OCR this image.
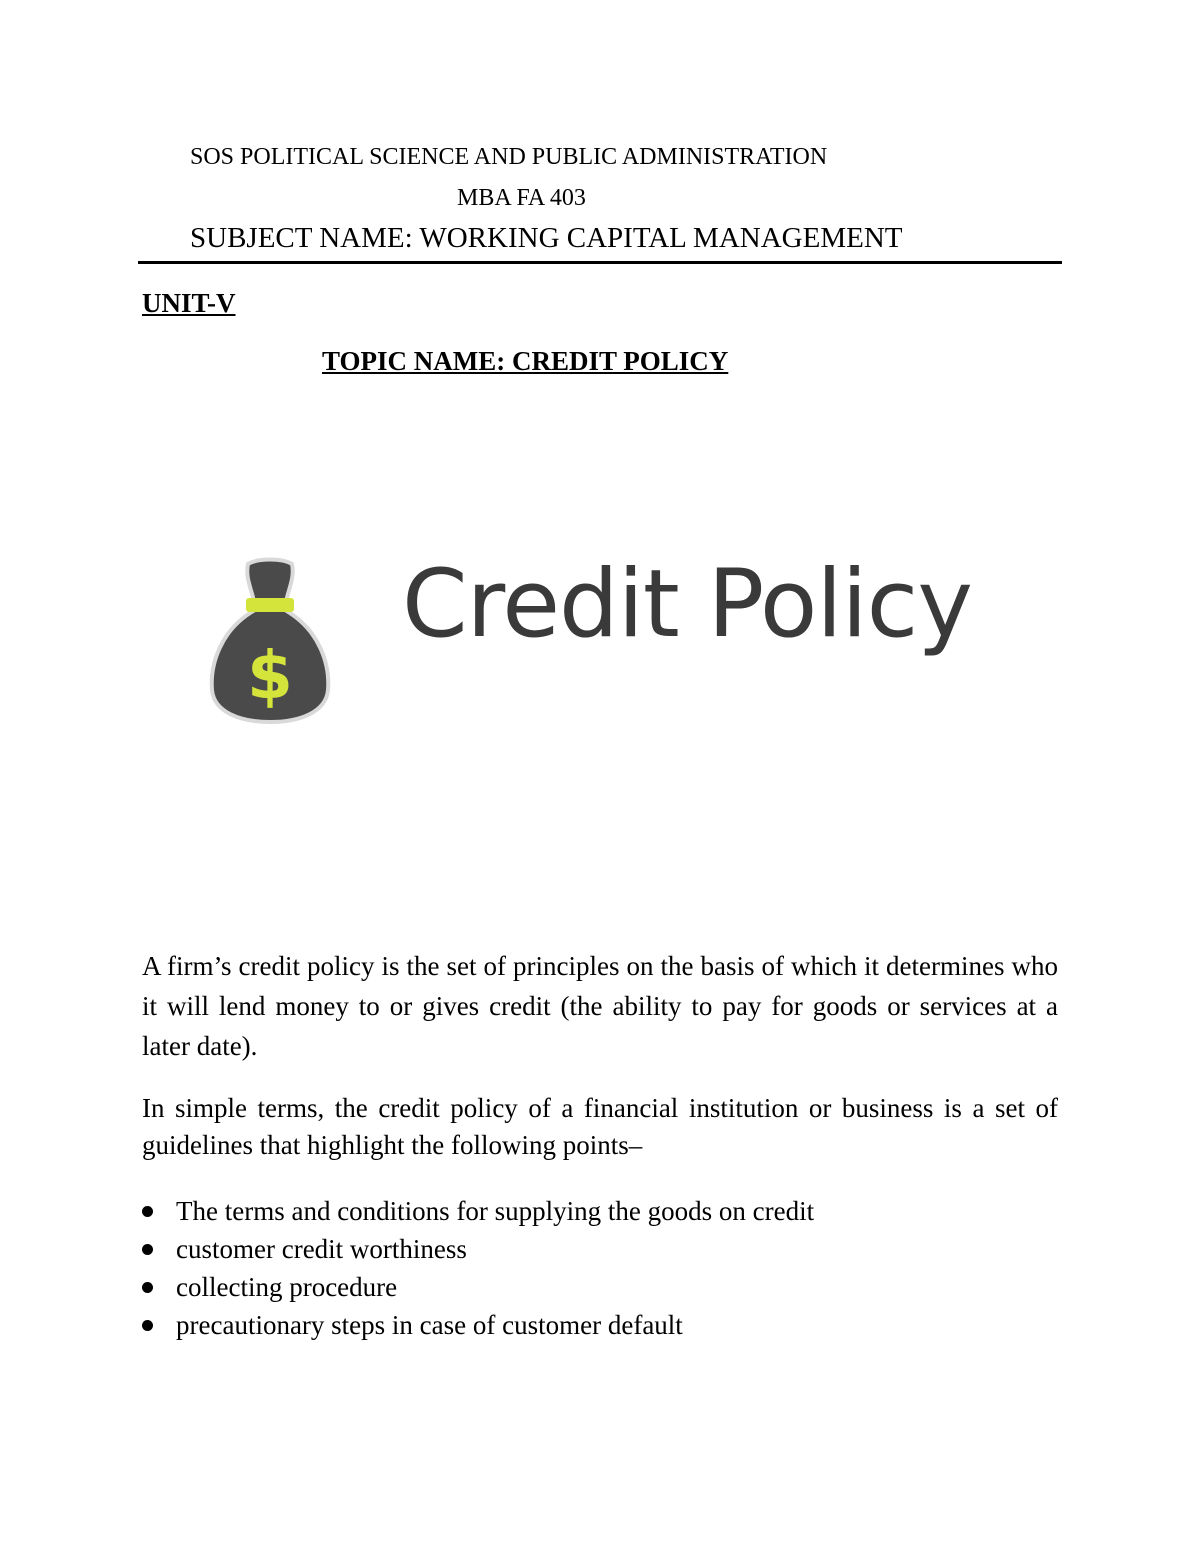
SOS POLITICAL SCIENCE AND PUBLIC ADMINISTRATION
MBA FA 403
SUBJECT NAME: WORKING CAPITAL MANAGEMENT
UNIT-V
TOPIC NAME: CREDIT POLICY
$
Credit Policy

A firm’s credit policy is the set of principles on the basis of which it determines who it will lend money to or gives credit (the ability to pay for goods or services at a later date).

In simple terms, the credit policy of a financial institution or business is a set of guidelines that highlight the following points–

The terms and conditions for supplying the goods on credit
customer credit worthiness
collecting procedure
precautionary steps in case of customer default
